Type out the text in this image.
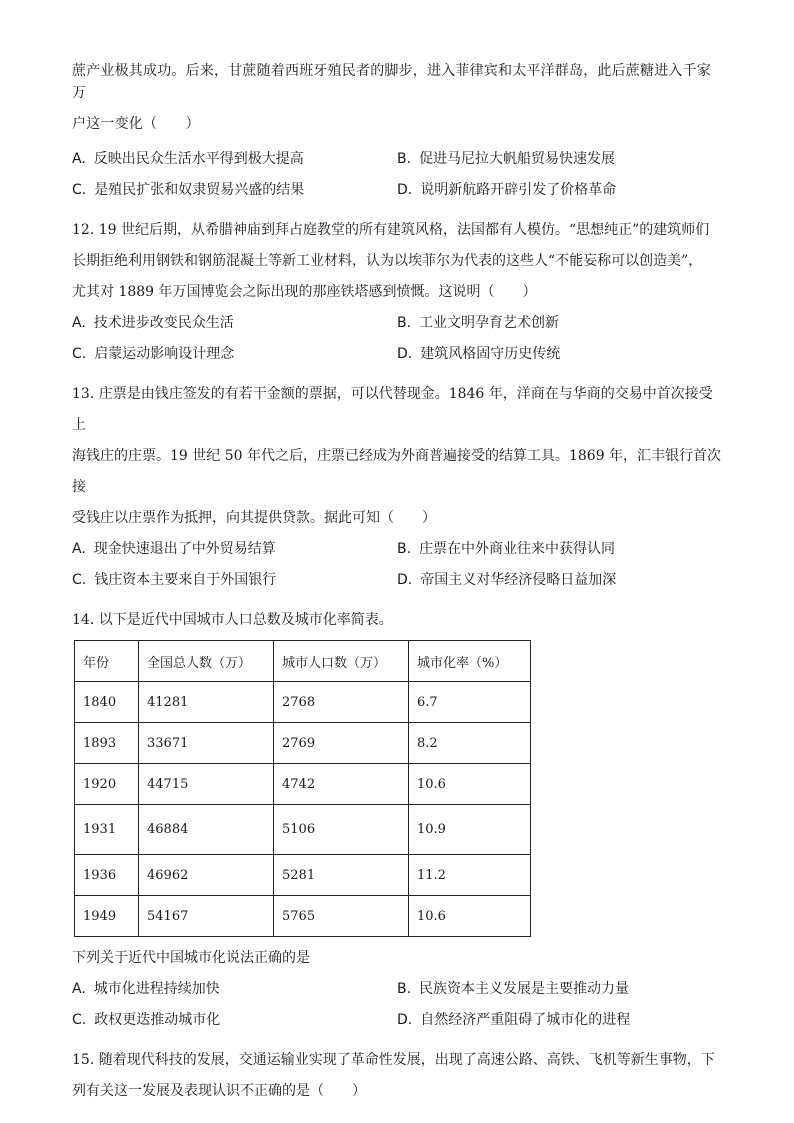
蔗产业极其成功。后来，甘蔗随着西班牙殖民者的脚步，进入菲律宾和太平洋群岛，此后蔗糖进入千家万

户这一变化（　　）

A. 反映出民众生活水平得到极大提高	B. 促进马尼拉大帆船贸易快速发展
C. 是殖民扩张和奴隶贸易兴盛的结果	D. 说明新航路开辟引发了价格革命

12. 19 世纪后期，从希腊神庙到拜占庭教堂的所有建筑风格，法国都有人模仿。“思想纯正”的建筑师们

长期拒绝利用钢铁和钢筋混凝土等新工业材料，认为以埃菲尔为代表的这些人“不能妄称可以创造美”，

尤其对 1889 年万国博览会之际出现的那座铁塔感到愤慨。这说明（　　）

A. 技术进步改变民众生活	B. 工业文明孕育艺术创新
C. 启蒙运动影响设计理念	D. 建筑风格固守历史传统

13. 庄票是由钱庄签发的有若干金额的票据，可以代替现金。1846 年，洋商在与华商的交易中首次接受上

海钱庄的庄票。19 世纪 50 年代之后，庄票已经成为外商普遍接受的结算工具。1869 年，汇丰银行首次接

受钱庄以庄票作为抵押，向其提供贷款。据此可知（　　）

A. 现金快速退出了中外贸易结算	B. 庄票在中外商业往来中获得认同
C. 钱庄资本主要来自于外国银行	D. 帝国主义对华经济侵略日益加深

14. 以下是近代中国城市人口总数及城市化率简表。

年份	全国总人数（万）	城市人口数（万）	城市化率（%）
1840	41281	2768	6.7
1893	33671	2769	8.2
1920	44715	4742	10.6
1931	46884	5106	10.9
1936	46962	5281	11.2
1949	54167	5765	10.6

下列关于近代中国城市化说法正确的是

A. 城市化进程持续加快	B. 民族资本主义发展是主要推动力量
C. 政权更迭推动城市化	D. 自然经济严重阻碍了城市化的进程

15. 随着现代科技的发展，交通运输业实现了革命性发展，出现了高速公路、高铁、飞机等新生事物，下

列有关这一发展及表现认识不正确的是（　　）
